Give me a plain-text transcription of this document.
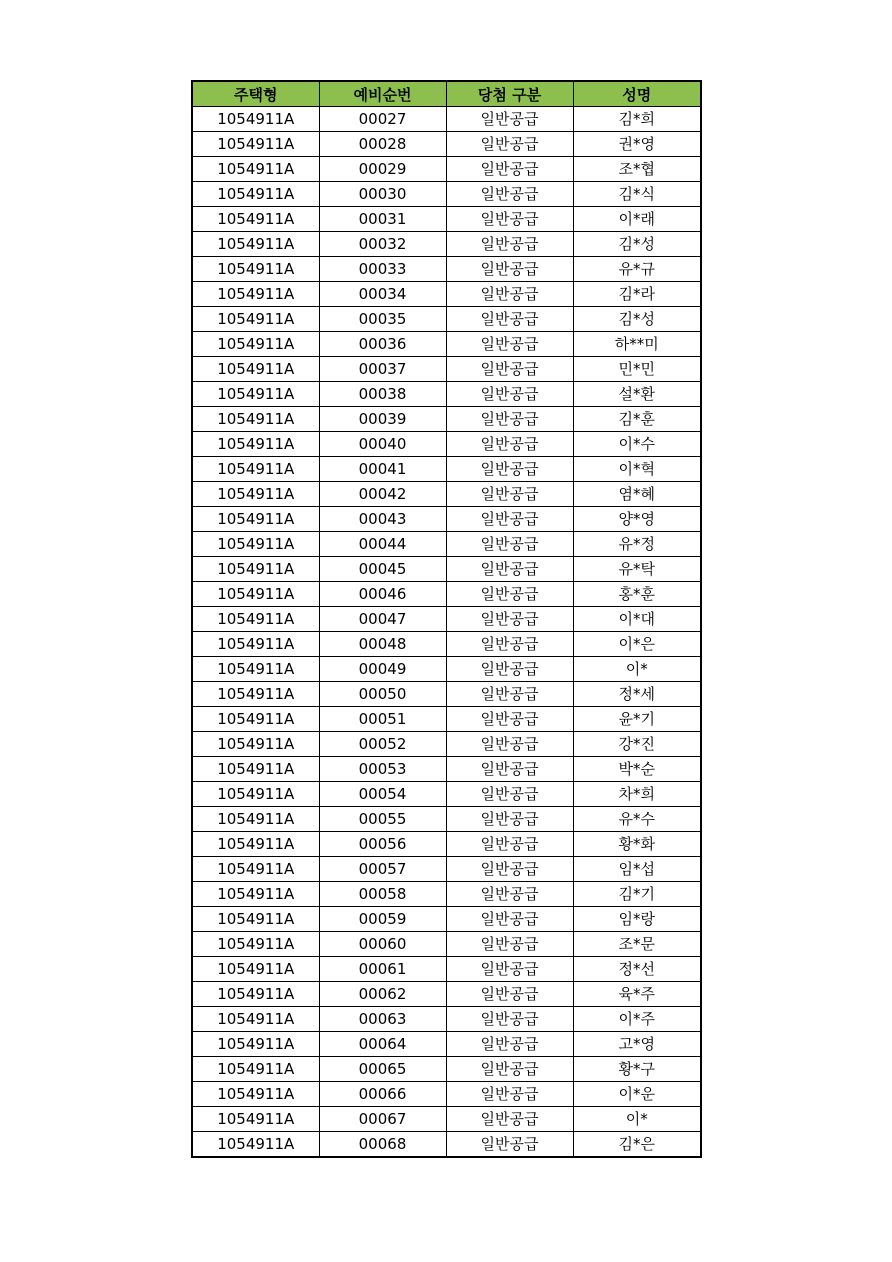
주택형	예비순번	당첨 구분	성명
1054911A	00027	일반공급	김*희
1054911A	00028	일반공급	권*영
1054911A	00029	일반공급	조*협
1054911A	00030	일반공급	김*식
1054911A	00031	일반공급	이*래
1054911A	00032	일반공급	김*성
1054911A	00033	일반공급	유*규
1054911A	00034	일반공급	김*라
1054911A	00035	일반공급	김*성
1054911A	00036	일반공급	하**미
1054911A	00037	일반공급	민*민
1054911A	00038	일반공급	설*환
1054911A	00039	일반공급	김*훈
1054911A	00040	일반공급	이*수
1054911A	00041	일반공급	이*혁
1054911A	00042	일반공급	염*혜
1054911A	00043	일반공급	양*영
1054911A	00044	일반공급	유*정
1054911A	00045	일반공급	유*탁
1054911A	00046	일반공급	홍*훈
1054911A	00047	일반공급	이*대
1054911A	00048	일반공급	이*은
1054911A	00049	일반공급	이*
1054911A	00050	일반공급	정*세
1054911A	00051	일반공급	윤*기
1054911A	00052	일반공급	강*진
1054911A	00053	일반공급	박*순
1054911A	00054	일반공급	차*희
1054911A	00055	일반공급	유*수
1054911A	00056	일반공급	황*화
1054911A	00057	일반공급	임*섭
1054911A	00058	일반공급	김*기
1054911A	00059	일반공급	임*랑
1054911A	00060	일반공급	조*문
1054911A	00061	일반공급	정*선
1054911A	00062	일반공급	육*주
1054911A	00063	일반공급	이*주
1054911A	00064	일반공급	고*영
1054911A	00065	일반공급	황*구
1054911A	00066	일반공급	이*운
1054911A	00067	일반공급	이*
1054911A	00068	일반공급	김*은
